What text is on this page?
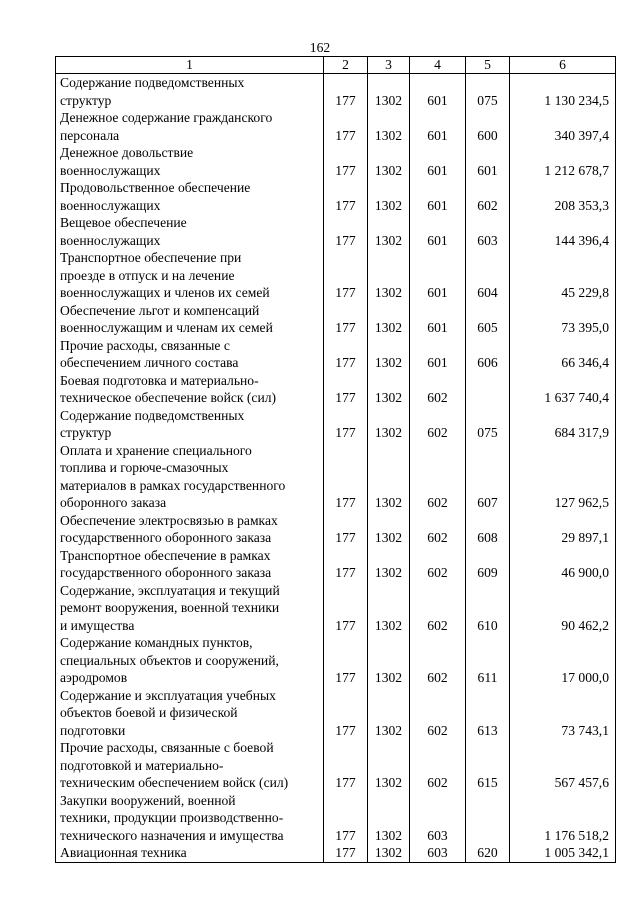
162
1	2	3	4	5	6

Содержание подведомственных
структур	177	1302	601	075	1 130 234,5

Денежное содержание гражданского
персонала	177	1302	601	600	340 397,4

Денежное довольствие
военнослужащих	177	1302	601	601	1 212 678,7

Продовольственное обеспечение
военнослужащих	177	1302	601	602	208 353,3

Вещевое обеспечение
военнослужащих	177	1302	601	603	144 396,4

Транспортное обеспечение при
проезде в отпуск и на лечение
военнослужащих и членов их семей	177	1302	601	604	45 229,8

Обеспечение льгот и компенсаций
военнослужащим и членам их семей	177	1302	601	605	73 395,0

Прочие расходы, связанные с
обеспечением личного состава	177	1302	601	606	66 346,4

Боевая подготовка и материально-
техническое обеспечение войск (сил)	177	1302	602		1 637 740,4

Содержание подведомственных
структур	177	1302	602	075	684 317,9

Оплата и хранение специального
топлива и горюче-смазочных
материалов в рамках государственного
оборонного заказа	177	1302	602	607	127 962,5

Обеспечение электросвязью в рамках
государственного оборонного заказа	177	1302	602	608	29 897,1

Транспортное обеспечение в рамках
государственного оборонного заказа	177	1302	602	609	46 900,0

Содержание, эксплуатация и текущий
ремонт вооружения, военной техники
и имущества	177	1302	602	610	90 462,2

Содержание командных пунктов,
специальных объектов и сооружений,
аэродромов	177	1302	602	611	17 000,0

Содержание и эксплуатация учебных
объектов боевой и физической
подготовки	177	1302	602	613	73 743,1

Прочие расходы, связанные с боевой
подготовкой и материально-
техническим обеспечением войск (сил)	177	1302	602	615	567 457,6

Закупки вооружений, военной
техники, продукции производственно-
технического назначения и имущества	177	1302	603		1 176 518,2

Авиационная техника	177	1302	603	620	1 005 342,1
